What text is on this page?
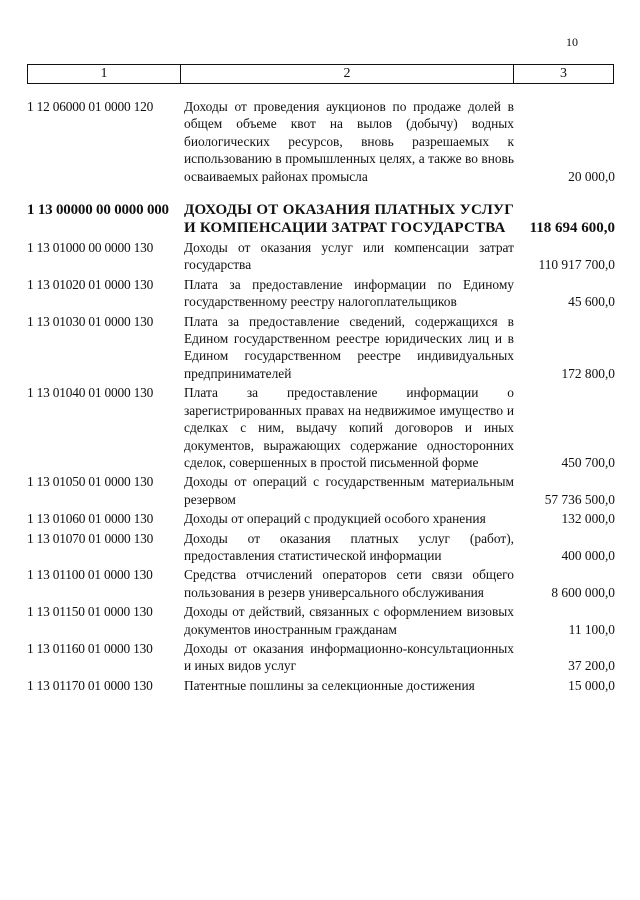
10
1	2	3
1 12 06000 01 0000 120	Доходы от проведения аукционов по продаже долей в общем объеме квот на вылов (добычу) водных биологических ресурсов, вновь разрешаемых к использованию в промышленных целях, а также во вновь осваиваемых районах промысла	20 000,0
1 13 00000 00 0000 000	ДОХОДЫ ОТ ОКАЗАНИЯ ПЛАТНЫХ УСЛУГ И КОМПЕНСАЦИИ ЗАТРАТ ГОСУДАРСТВА	118 694 600,0
1 13 01000 00 0000 130	Доходы от оказания услуг или компенсации затрат государства	110 917 700,0
1 13 01020 01 0000 130	Плата за предоставление информации по Единому государственному реестру налогоплательщиков	45 600,0
1 13 01030 01 0000 130	Плата за предоставление сведений, содержащихся в Едином государственном реестре юридических лиц и в Едином государственном реестре индивидуальных предпринимателей	172 800,0
1 13 01040 01 0000 130	Плата за предоставление информации о зарегистрированных правах на недвижимое имущество и сделках с ним, выдачу копий договоров и иных документов, выражающих содержание односторонних сделок, совершенных в простой письменной форме	450 700,0
1 13 01050 01 0000 130	Доходы от операций с государственным материальным резервом	57 736 500,0
1 13 01060 01 0000 130	Доходы от операций с продукцией особого хранения	132 000,0
1 13 01070 01 0000 130	Доходы от оказания платных услуг (работ), предоставления статистической информации	400 000,0
1 13 01100 01 0000 130	Средства отчислений операторов сети связи общего пользования в резерв универсального обслуживания	8 600 000,0
1 13 01150 01 0000 130	Доходы от действий, связанных с оформлением визовых документов иностранным гражданам	11 100,0
1 13 01160 01 0000 130	Доходы от оказания информационно-консультационных и иных видов услуг	37 200,0
1 13 01170 01 0000 130	Патентные пошлины за селекционные достижения	15 000,0
